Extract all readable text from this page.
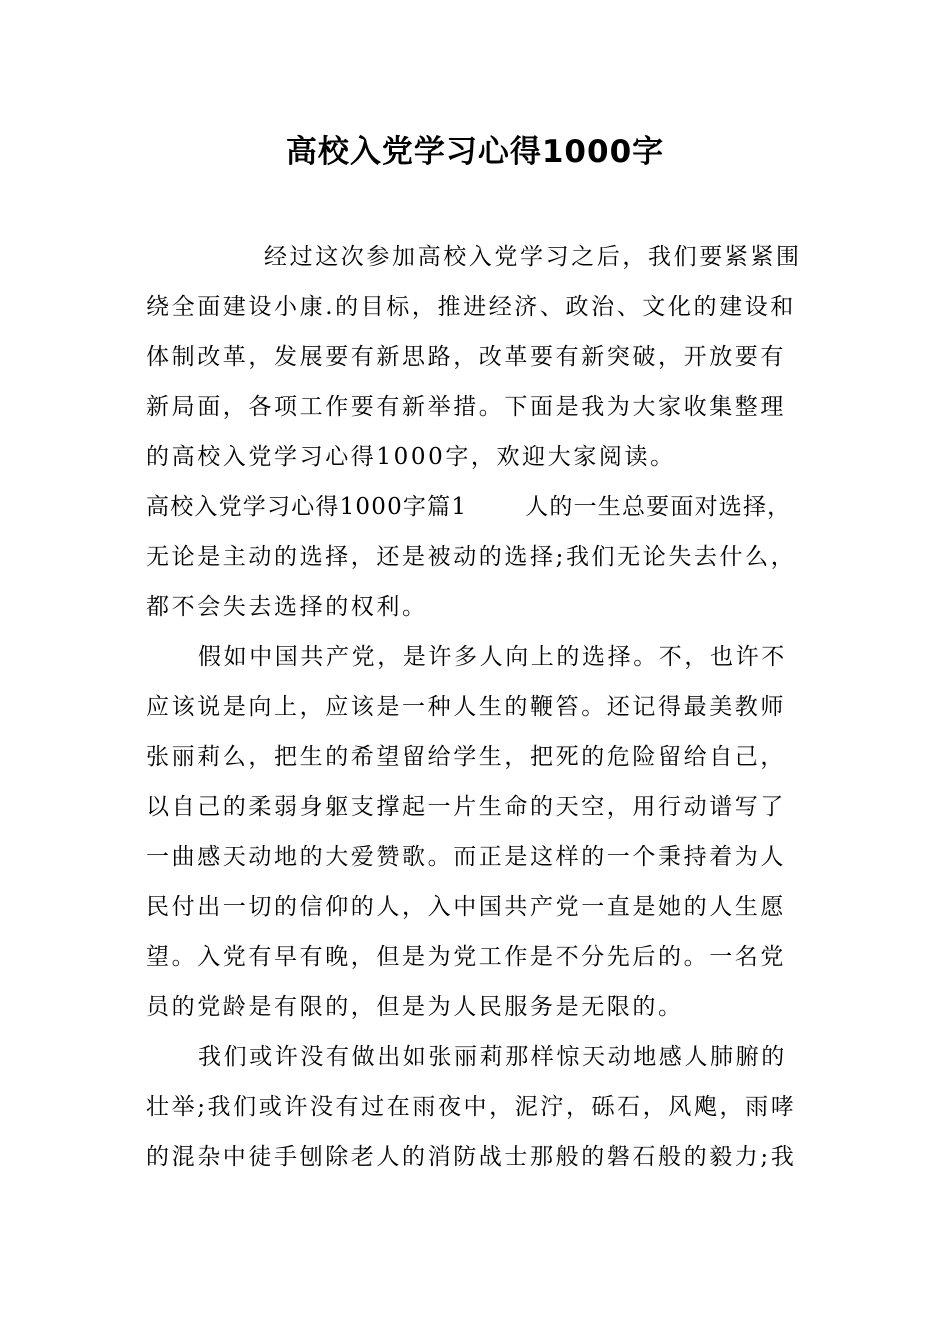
高校入党学习心得1000字
经过这次参加高校入党学习之后，我们要紧紧围
绕全面建设小康.的目标，推进经济、政治、文化的建设和
体制改革，发展要有新思路，改革要有新突破，开放要有
新局面，各项工作要有新举措。下面是我为大家收集整理
的高校入党学习心得1000字，欢迎大家阅读。
高校入党学习心得1000字篇1	人的一生总要面对选择，
无论是主动的选择，还是被动的选择;我们无论失去什么，
都不会失去选择的权利。
假如中国共产党，是许多人向上的选择。不，也许不
应该说是向上，应该是一种人生的鞭笞。还记得最美教师
张丽莉么，把生的希望留给学生，把死的危险留给自己，
以自己的柔弱身躯支撑起一片生命的天空，用行动谱写了
一曲感天动地的大爱赞歌。而正是这样的一个秉持着为人
民付出一切的信仰的人，入中国共产党一直是她的人生愿
望。入党有早有晚，但是为党工作是不分先后的。一名党
员的党龄是有限的，但是为人民服务是无限的。
我们或许没有做出如张丽莉那样惊天动地感人肺腑的
壮举;我们或许没有过在雨夜中，泥泞，砾石，风飑，雨哮
的混杂中徒手刨除老人的消防战士那般的磐石般的毅力;我
